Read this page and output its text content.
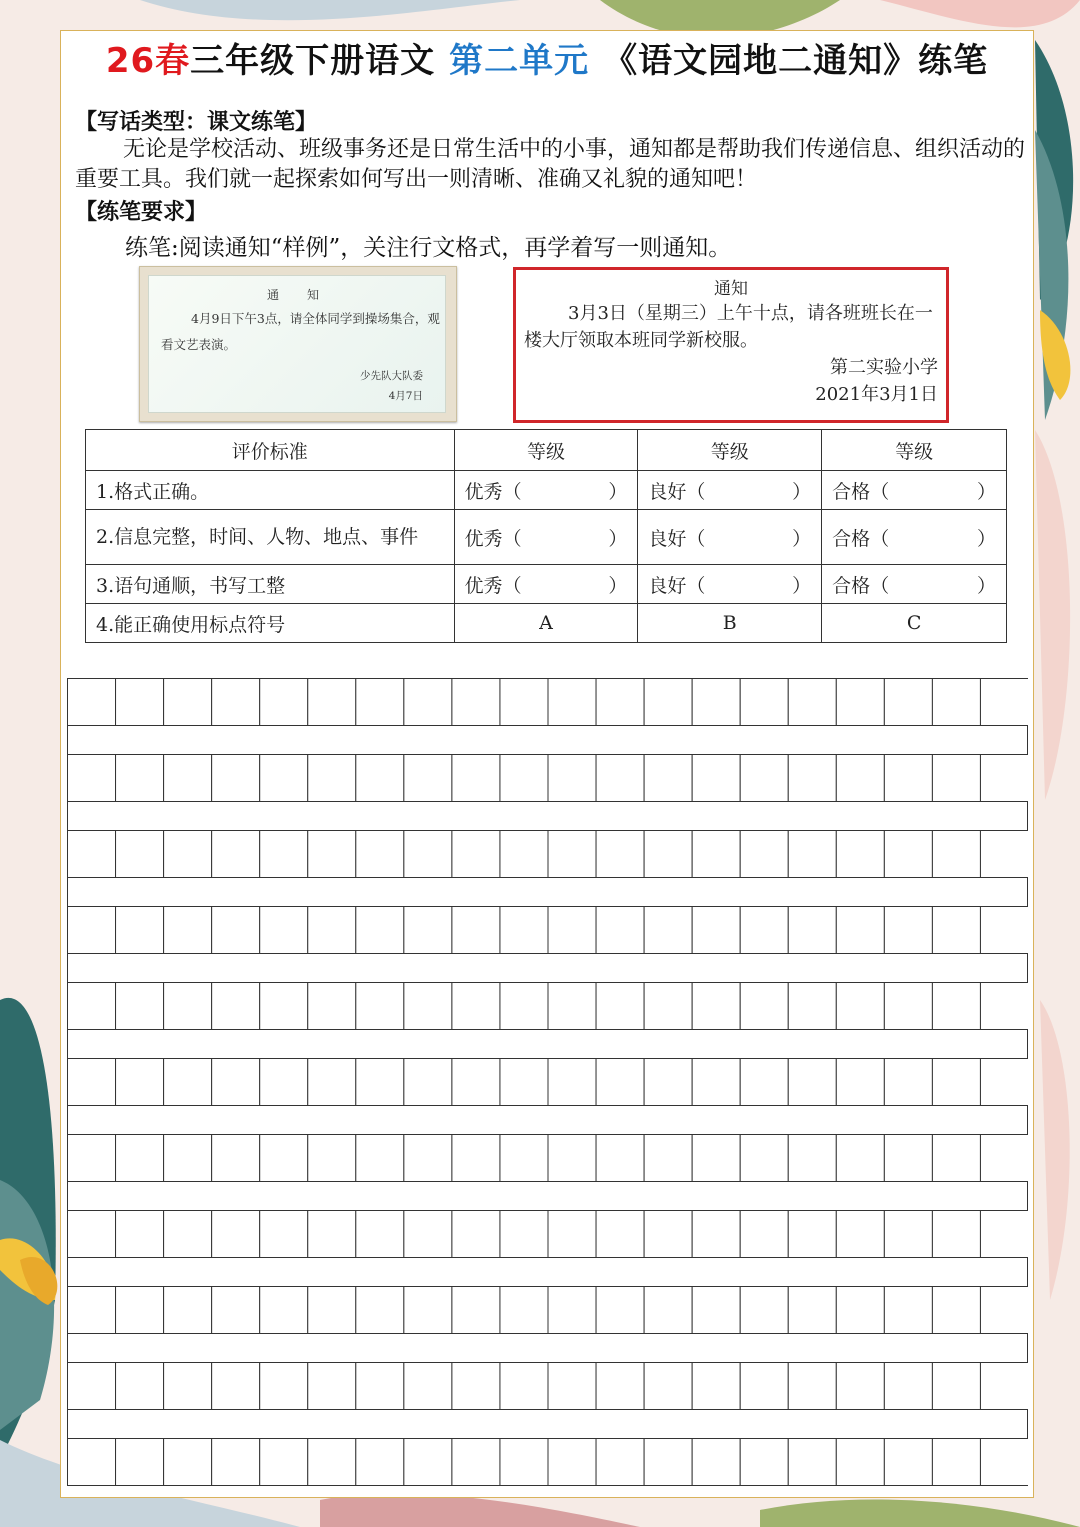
26春三年级下册语文 第二单元 《语文园地二通知》练笔
【写话类型：课文练笔】
无论是学校活动、班级事务还是日常生活中的小事，通知都是帮助我们传递信息、组织活动的重要工具。我们就一起探索如何写出一则清晰、准确又礼貌的通知吧！
【练笔要求】
练笔:阅读通知“样例”，关注行文格式，再学着写一则通知。
通　知
4月9日下午3点，请全体同学到操场集合，观看文艺表演。
少先队大队委
4月7日
通知
3月3日（星期三）上午十点，请各班班长在一楼大厅领取本班同学新校服。
第二实验小学
2021年3月1日
评价标准	等级	等级	等级
1.格式正确。	优秀（ ）	良好（ ）	合格（ ）

2.信息完整，时间、人物、地点、事件	优秀（ ）	良好（ ）	合格（ ）

3.语句通顺，书写工整	优秀（ ）	良好（ ）	合格（ ）

4.能正确使用标点符号	A	B	C
